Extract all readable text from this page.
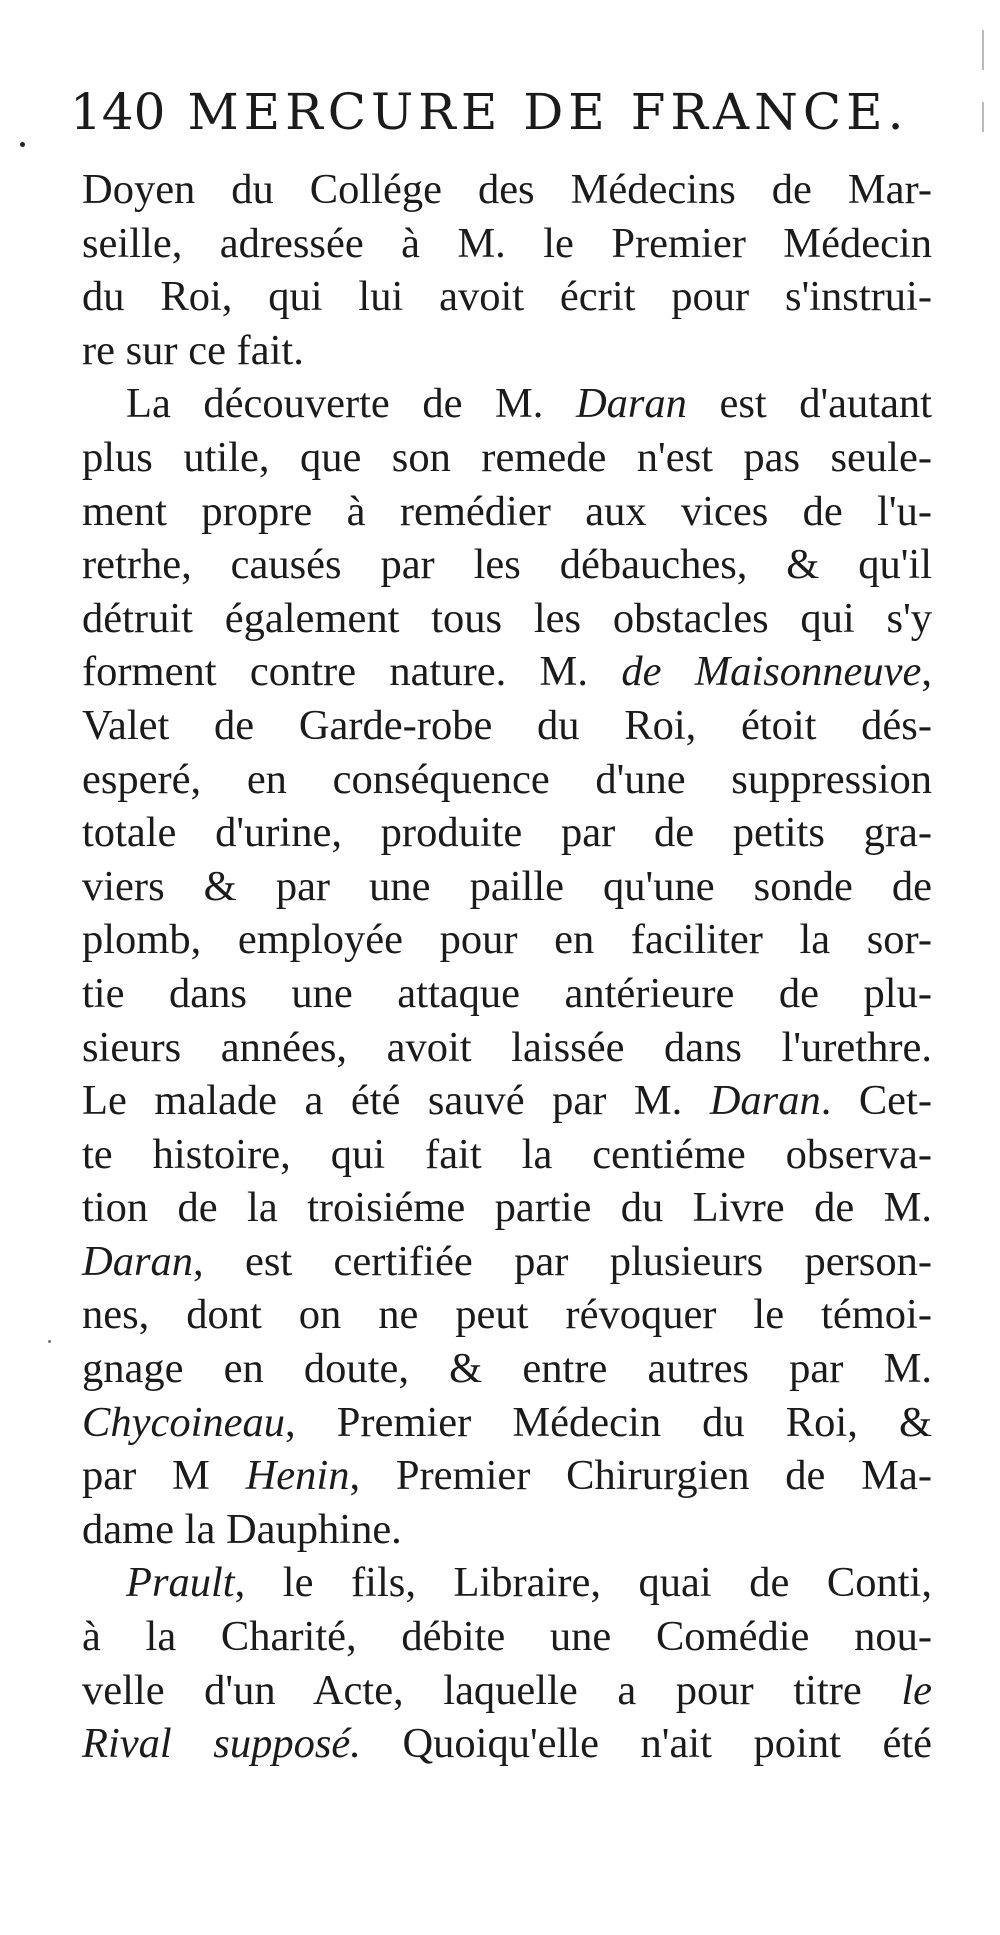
140 MERCURE DE FRANCE.
Doyen du Collége des Médecins de Mar-
seille, adressée à M. le Premier Médecin
du Roi, qui lui avoit écrit pour s'instrui-
re sur ce fait.
La découverte de M. Daran est d'autant
plus utile, que son remede n'est pas seule-
ment propre à remédier aux vices de l'u-
retrhe, causés par les débauches, & qu'il
détruit également tous les obstacles qui s'y
forment contre nature. M. de Maisonneuve,
Valet de Garde-robe du Roi, étoit dés-
esperé, en conséquence d'une suppression
totale d'urine, produite par de petits gra-
viers & par une paille qu'une sonde de
plomb, employée pour en faciliter la sor-
tie dans une attaque antérieure de plu-
sieurs années, avoit laissée dans l'urethre.
Le malade a été sauvé par M. Daran. Cet-
te histoire, qui fait la centiéme observa-
tion de la troisiéme partie du Livre de M.
Daran, est certifiée par plusieurs person-
nes, dont on ne peut révoquer le témoi-
gnage en doute, & entre autres par M.
Chycoineau, Premier Médecin du Roi, &
par M Henin, Premier Chirurgien de Ma-
dame la Dauphine.
Prault, le fils, Libraire, quai de Conti,
à la Charité, débite une Comédie nou-
velle d'un Acte, laquelle a pour titre le
Rival supposé. Quoiqu'elle n'ait point été
